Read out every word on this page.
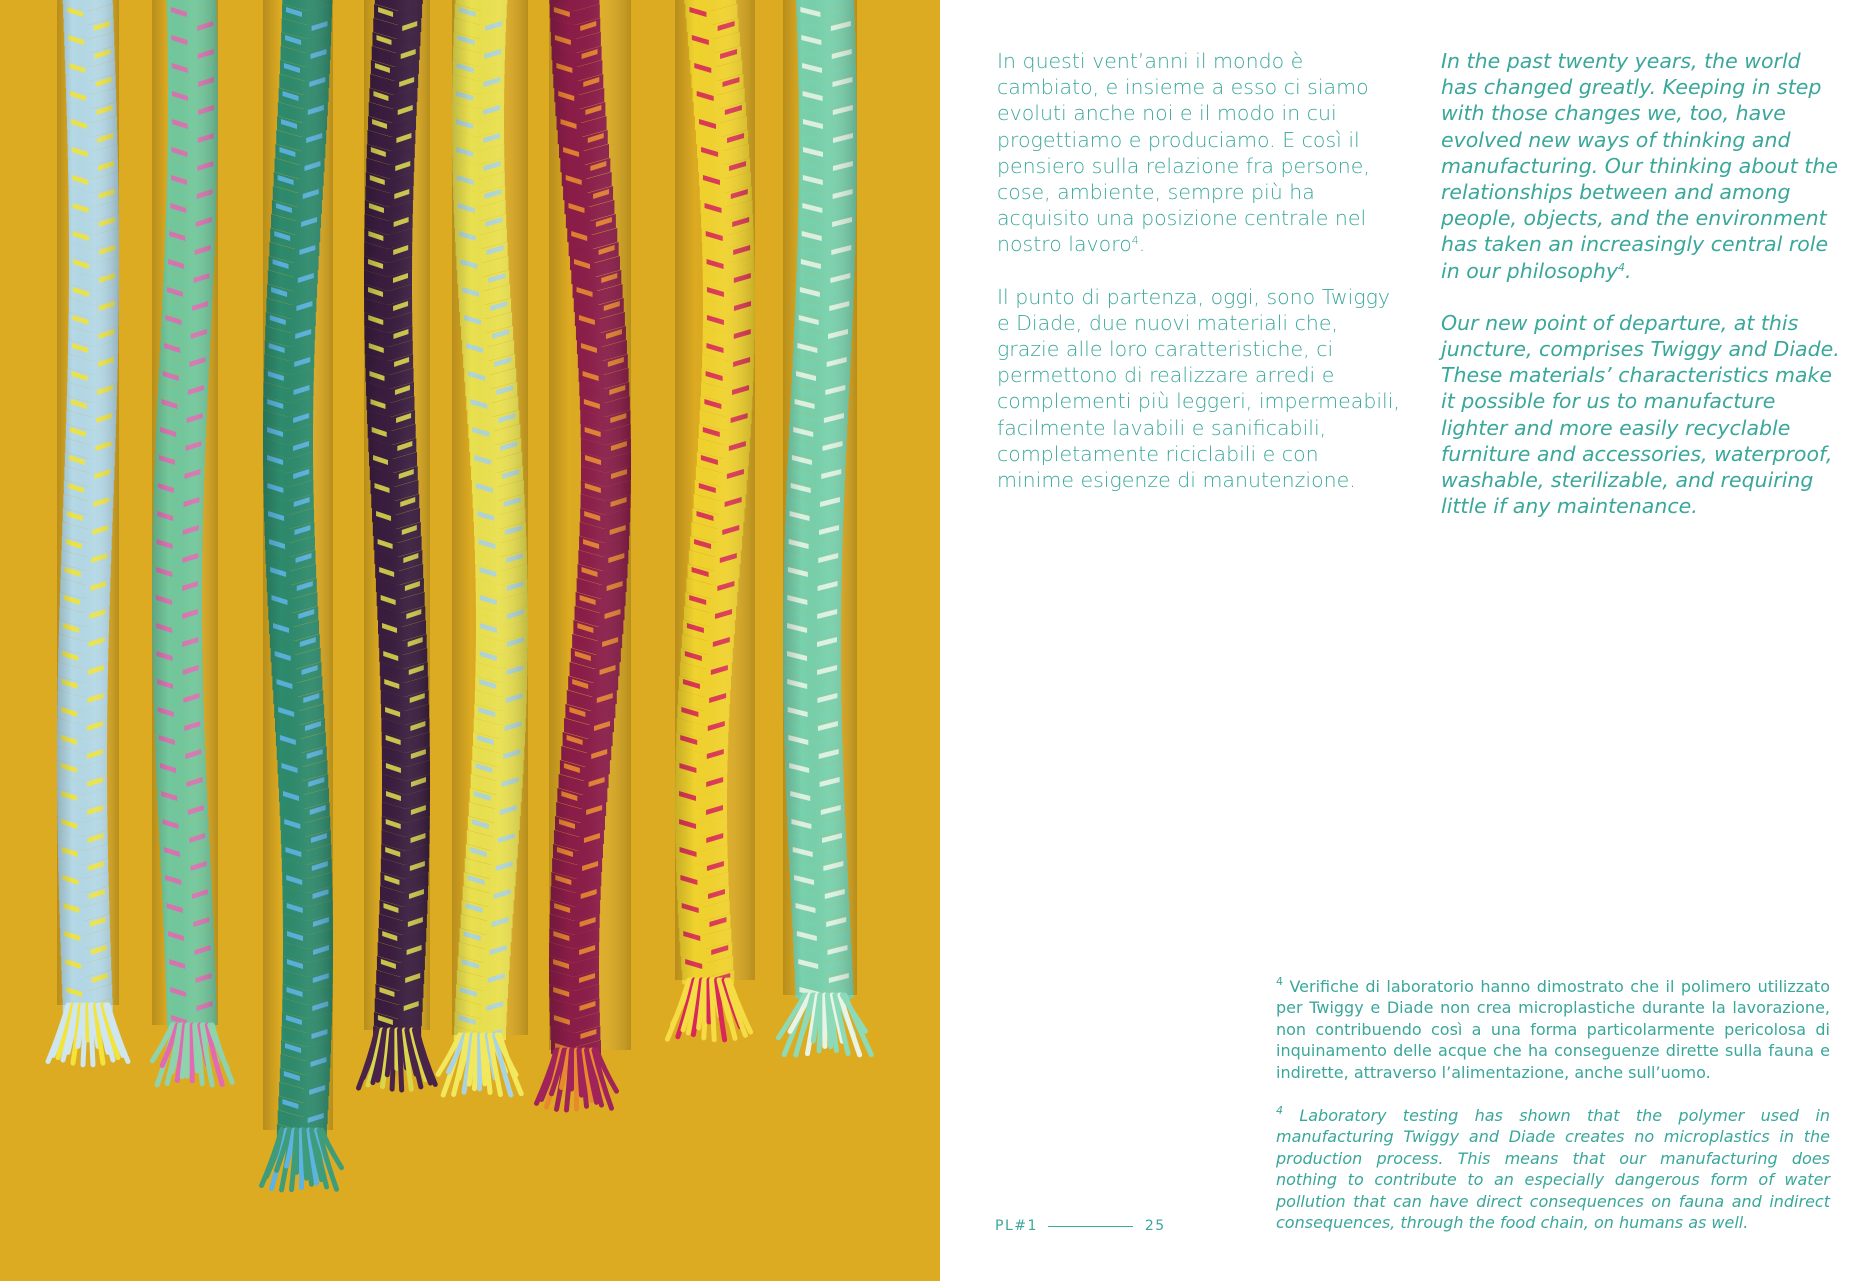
In questi vent’anni il mondo è cambiato, e insieme a esso ci siamo evoluti anche noi e il modo in cui progettiamo e produciamo. E così il pensiero sulla relazione fra persone, cose, ambiente, sempre più ha acquisito una posizione centrale nel nostro lavoro$^4$.

Il punto di partenza, oggi, sono Twiggy e Diade, due nuovi materiali che, grazie alle loro caratteristiche, ci permettono di realizzare arredi e complementi più leggeri, impermeabili, facilmente lavabili e sanificabili, completamente riciclabili e con minime esigenze di manutenzione.

In the past twenty years, the world has changed greatly. Keeping in step with those changes we, too, have evolved new ways of thinking and manufacturing. Our thinking about the relationships between and among people, objects, and the environment has taken an increasingly central role in our philosophy$^4$.

Our new point of departure, at this juncture, comprises Twiggy and Diade. These materials’ characteristics make it possible for us to manufacture lighter and more easily recyclable furniture and accessories, waterproof, washable, sterilizable, and requiring little if any maintenance.

$^4$ Verifiche di laboratorio hanno dimostrato che il polimero utilizzato per Twiggy e Diade non crea microplastiche durante la lavorazione, non contribuendo così a una forma particolarmente pericolosa di inquinamento delle acque che ha conseguenze dirette sulla fauna e indirette, attraverso l’alimentazione, anche sull’uomo.

$^4$ Laboratory testing has shown that the polymer used in manufacturing Twiggy and Diade creates no microplastics in the production process. This means that our manufacturing does nothing to contribute to an especially dangerous form of water pollution that can have direct consequences on fauna and indirect consequences, through the food chain, on humans as well.

PL#1	25
